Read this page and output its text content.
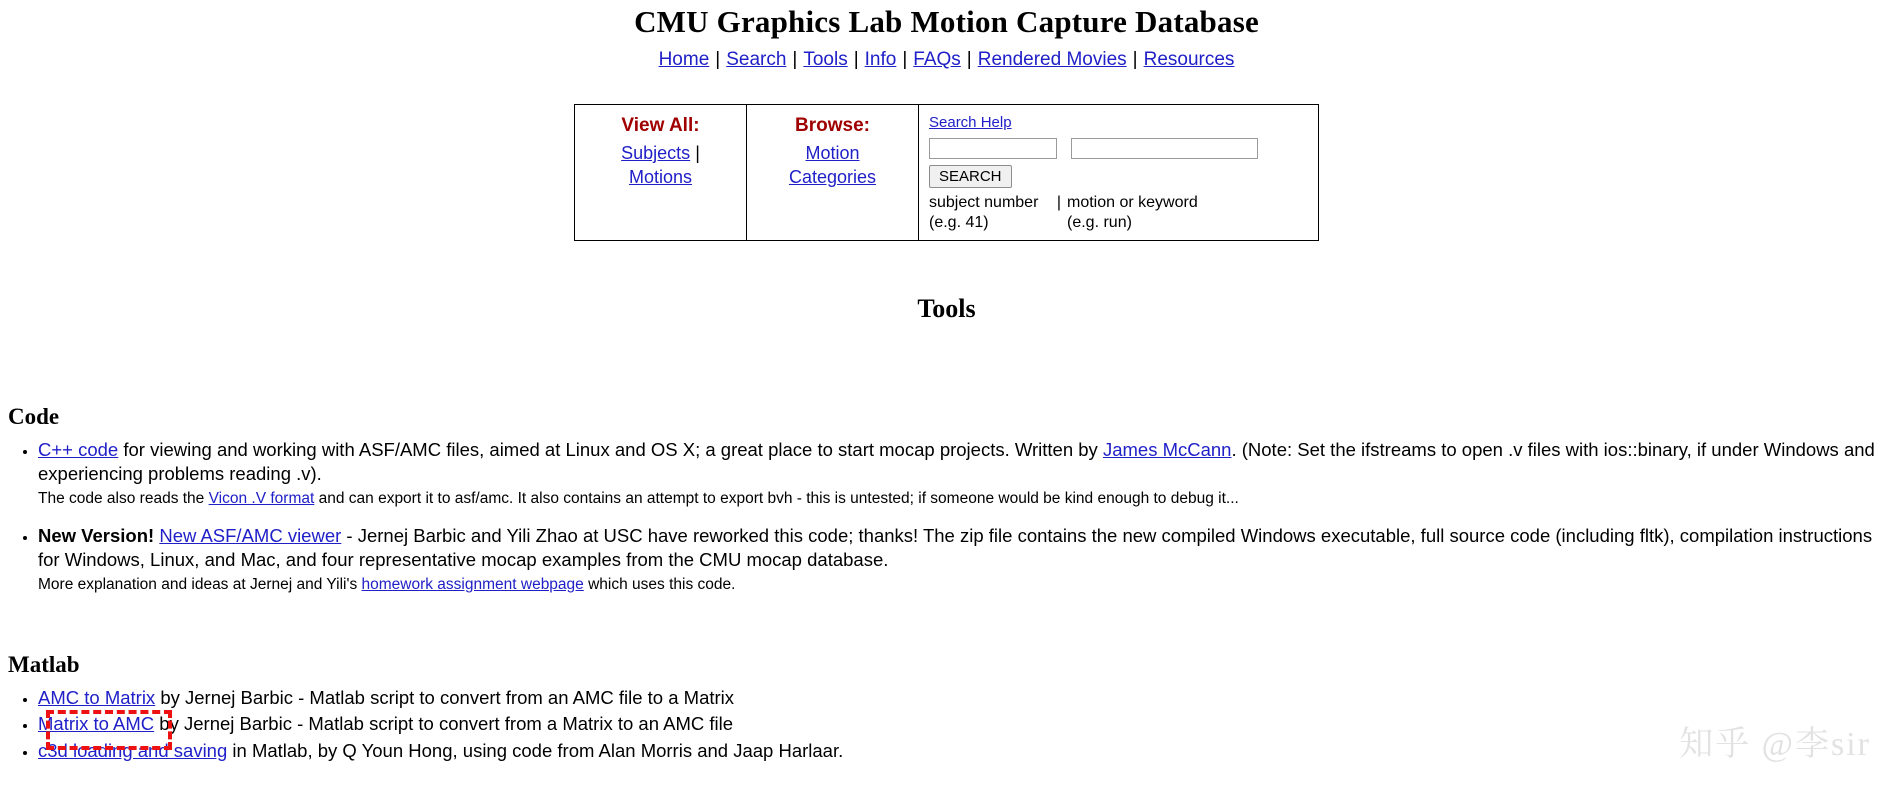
CMU Graphics Lab Motion Capture Database
Home | Search | Tools | Info | FAQs | Rendered Movies | Resources
View All:
Subjects |
Motions
Browse:
Motion
Categories
Search Help
SEARCH
subject number	| motion or keyword
(e.g. 41)	(e.g. run)
Tools
Code
• C++ code for viewing and working with ASF/AMC files, aimed at Linux and OS X; a great place to start mocap projects. Written by James McCann. (Note: Set the ifstreams to open .v files with ios::binary, if under Windows and experiencing problems reading .v).
The code also reads the Vicon .V format and can export it to asf/amc. It also contains an attempt to export bvh - this is untested; if someone would be kind enough to debug it...
• New Version! New ASF/AMC viewer - Jernej Barbic and Yili Zhao at USC have reworked this code; thanks! The zip file contains the new compiled Windows executable, full source code (including fltk), compilation instructions for Windows, Linux, and Mac, and four representative mocap examples from the CMU mocap database.
More explanation and ideas at Jernej and Yili's homework assignment webpage which uses this code.
Matlab
• AMC to Matrix by Jernej Barbic - Matlab script to convert from an AMC file to a Matrix
• Matrix to AMC by Jernej Barbic - Matlab script to convert from a Matrix to an AMC file
• c3d loading and saving in Matlab, by Q Youn Hong, using code from Alan Morris and Jaap Harlaar.	知乎 @李sir
